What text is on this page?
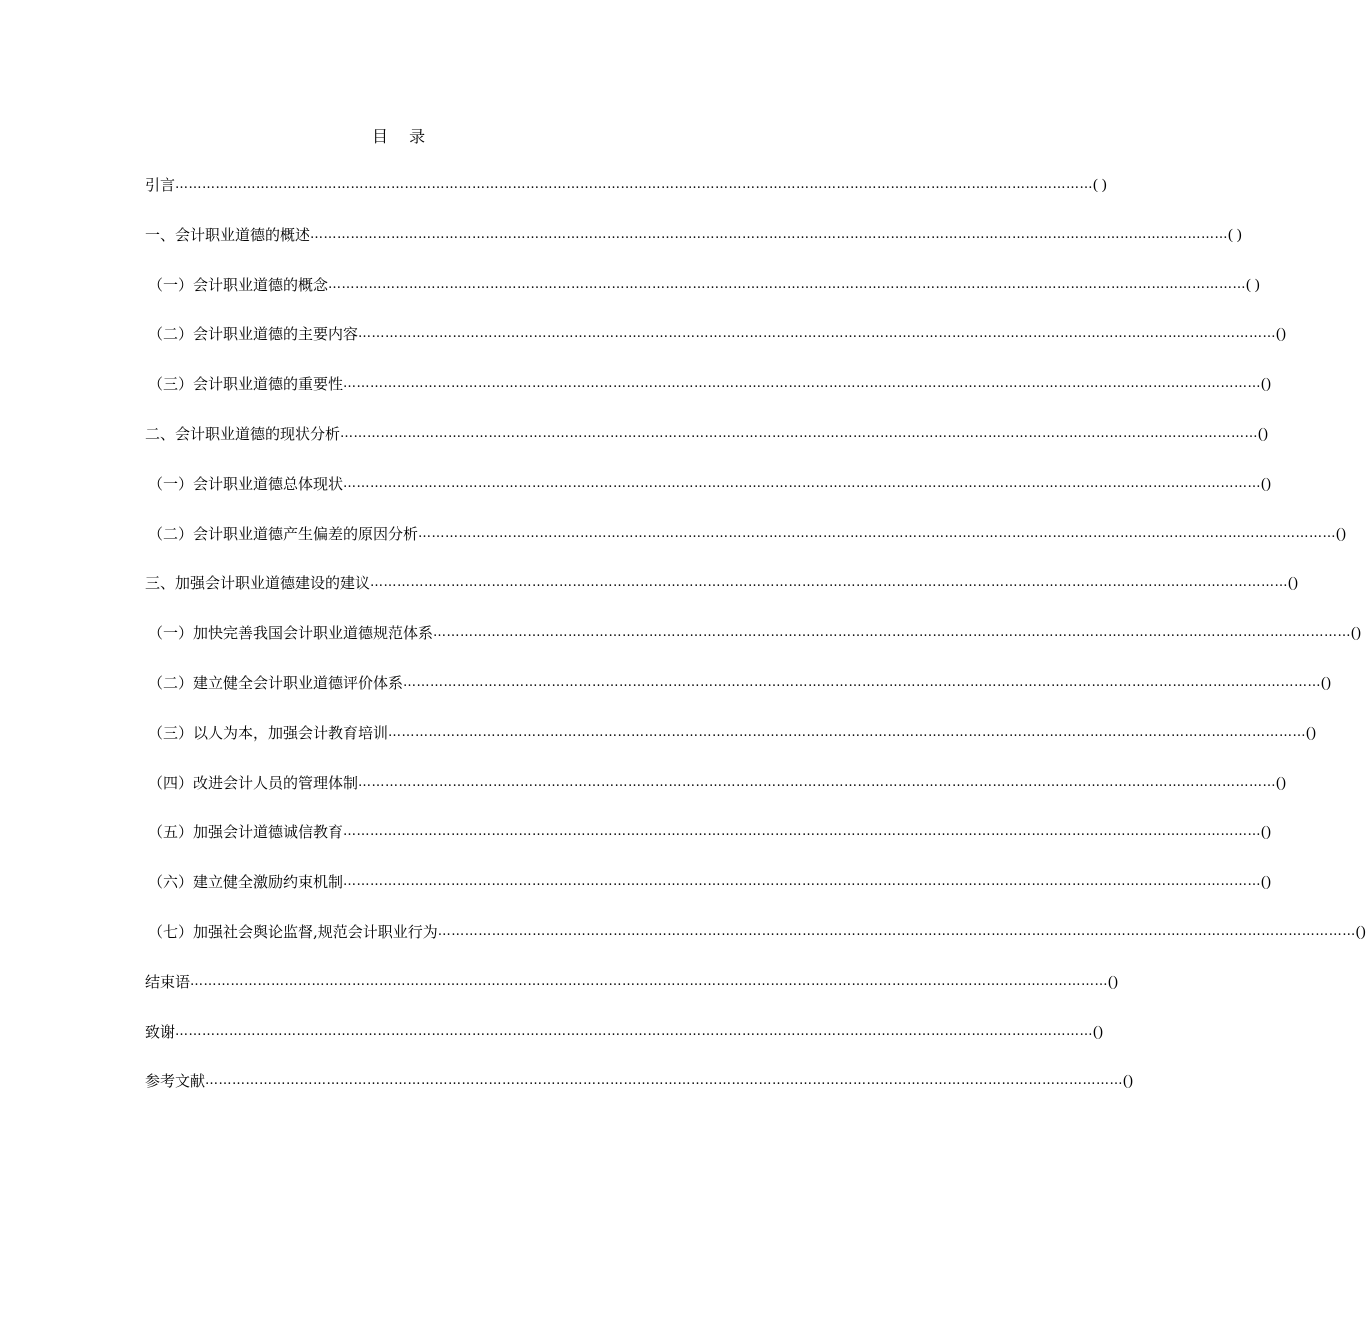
目 录
引言 …………………………………………………………………………………………………………………………………………………………………………………… ( )
一、会计职业道德的概述 …………………………………………………………………………………………………………………………………………………………………………………… ( )
（一）会计职业道德的概念 …………………………………………………………………………………………………………………………………………………………………………………… ( )
（二）会计职业道德的主要内容 …………………………………………………………………………………………………………………………………………………………………………………… ()
（三）会计职业道德的重要性 …………………………………………………………………………………………………………………………………………………………………………………… ()
二、会计职业道德的现状分析 …………………………………………………………………………………………………………………………………………………………………………………… ()
（一）会计职业道德总体现状 …………………………………………………………………………………………………………………………………………………………………………………… ()
（二）会计职业道德产生偏差的原因分析 …………………………………………………………………………………………………………………………………………………………………………………… ()
三、加强会计职业道德建设的建议 …………………………………………………………………………………………………………………………………………………………………………………… ()
（一）加快完善我国会计职业道德规范体系 …………………………………………………………………………………………………………………………………………………………………………………… ()
（二）建立健全会计职业道德评价体系 …………………………………………………………………………………………………………………………………………………………………………………… ()
（三）以人为本，加强会计教育培训 …………………………………………………………………………………………………………………………………………………………………………………… ()
（四）改进会计人员的管理体制 …………………………………………………………………………………………………………………………………………………………………………………… ()
（五）加强会计道德诚信教育 …………………………………………………………………………………………………………………………………………………………………………………… ()
（六）建立健全激励约束机制 …………………………………………………………………………………………………………………………………………………………………………………… ()
（七）加强社会舆论监督,规范会计职业行为 …………………………………………………………………………………………………………………………………………………………………………………… ()
结束语 …………………………………………………………………………………………………………………………………………………………………………………… ()
致谢 …………………………………………………………………………………………………………………………………………………………………………………… ()
参考文献 …………………………………………………………………………………………………………………………………………………………………………………… ()
